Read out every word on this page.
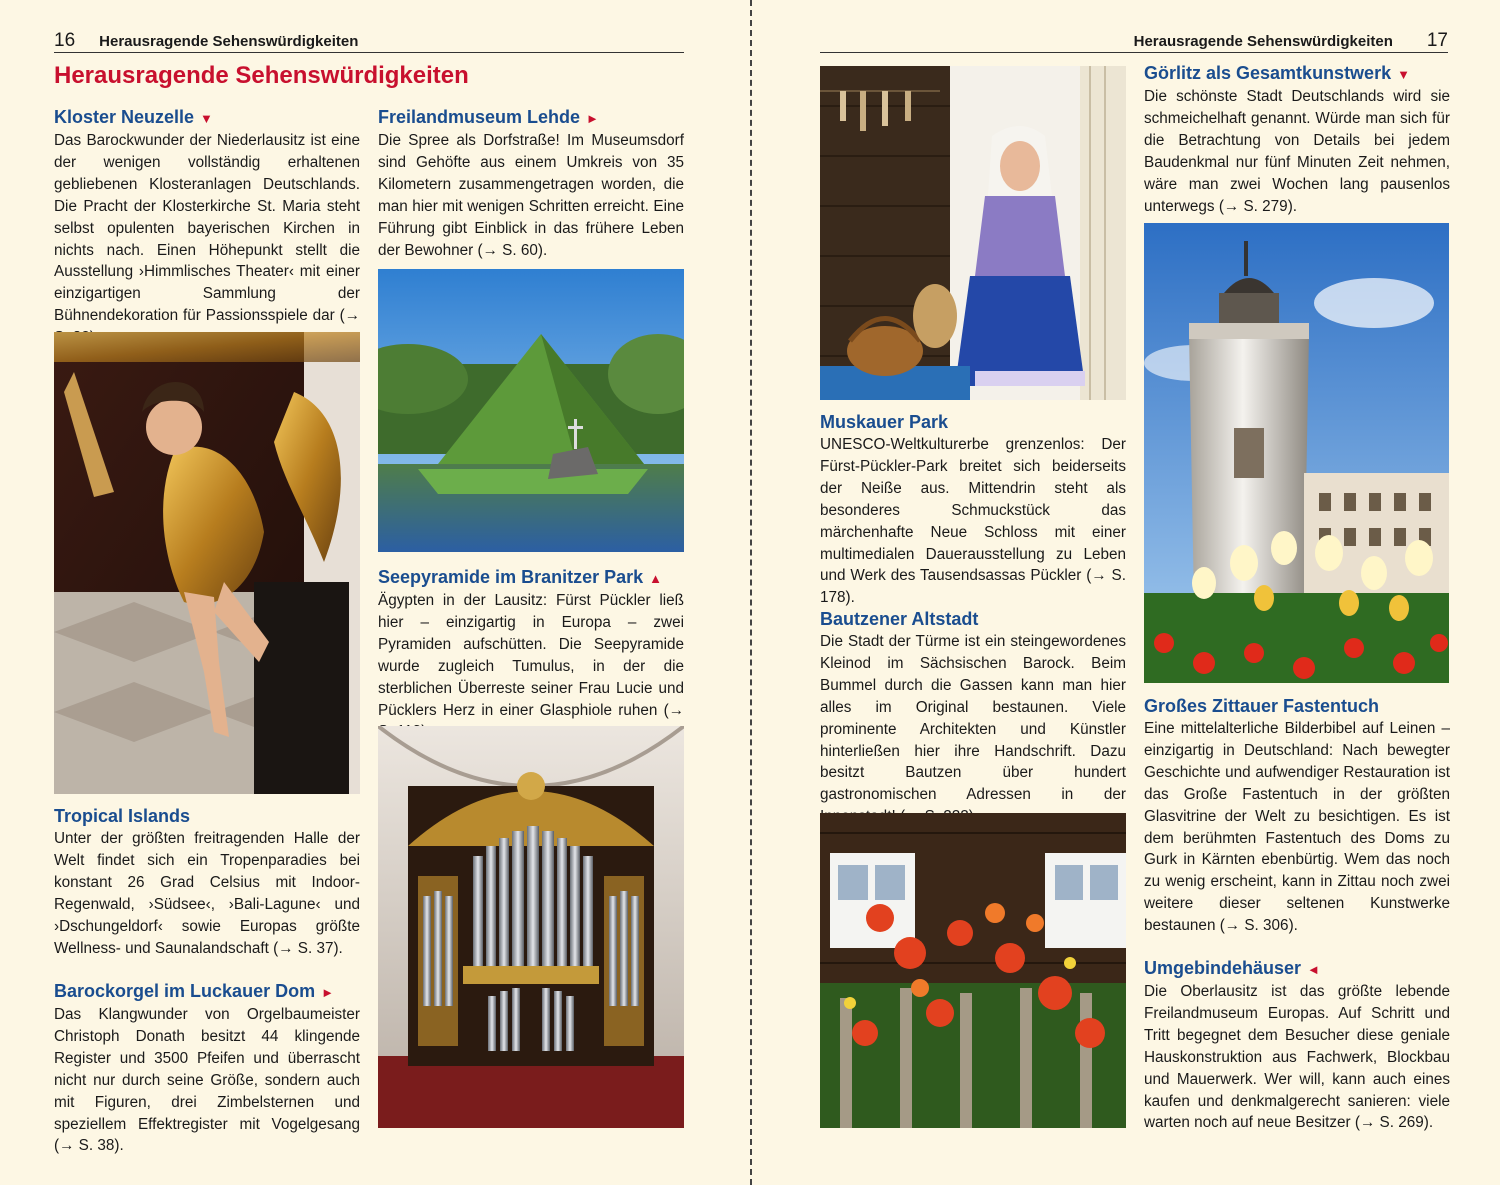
16 Herausragende Sehenswürdigkeiten
Herausragende Sehenswürdigkeiten
Kloster Neuzelle ▼

Das Barockwunder der Niederlausitz ist eine der wenigen vollständig erhaltenen gebliebenen Klosteranlagen Deutschlands. Die Pracht der Klosterkirche St. Maria steht selbst opulenten bayerischen Kirchen in nichts nach. Einen Höhepunkt stellt die Ausstellung ›Himmlisches Theater‹ mit einer einzigartigen Sammlung der Bühnendekoration für Passionsspiele dar (→

Freilandmuseum Lehde ►

Die Spree als Dorfstraße! Im Museumsdorf sind Gehöfte aus einem Umkreis von 35 Kilometern zusammengetragen worden, die man hier mit wenigen Schritten erreicht. Eine Führung gibt Einblick in das frühere Leben der Bewohner (→ S. 60).

Seepyramide im Branitzer Park ▲

Ägypten in der Lausitz: Fürst Pückler ließ hier – einzigartig in Europa – zwei Pyramiden aufschütten. Die Seepyramide wurde zugleich Tumulus, in der die sterblichen Überreste seiner Frau Lucie und Pücklers Herz in einer Glasphiole ruhen (→

Tropical Islands

Unter der größten freitragenden Halle der Welt findet sich ein Tropenparadies bei konstant 26 Grad Celsius mit Indoor-Regenwald, ›Südsee‹, ›Bali-Lagune‹ und ›Dschungeldorf‹ sowie Europas größte Wellness- und Saunalandschaft (→ S. 37).

Barockorgel im Luckauer Dom ►

Das Klangwunder von Orgelbaumeister Christoph Donath besitzt 44 klingende Register und 3500 Pfeifen und überrascht nicht nur durch seine Größe, sondern auch mit Figuren, drei Zimbelsternen und speziellem Effektregister mit Vogelgesang (→ S. 38).

Herausragende Sehenswürdigkeiten 17
Görlitz als Gesamtkunstwerk ▼

Die schönste Stadt Deutschlands wird sie schmeichelhaft genannt. Würde man sich für die Betrachtung von Details bei jedem Baudenkmal nur fünf Minuten Zeit nehmen, wäre man zwei Wochen lang pausenlos unterwegs (→ S. 279).

Muskauer Park

UNESCO-Weltkulturerbe grenzenlos: Der Fürst-Pückler-Park breitet sich beiderseits der Neiße aus. Mittendrin steht als besonderes Schmuckstück das märchenhafte Neue Schloss mit einer multimedialen Dauerausstellung zu Leben und Werk des Tausendsassas Pückler (→ S. 178).

Bautzener Altstadt

Die Stadt der Türme ist ein steingewordenes Kleinod im Sächsischen Barock. Beim Bummel durch die Gassen kann man hier alles im Original bestaunen. Viele prominente Architekten und Künstler hinterließen hier ihre Handschrift. Dazu besitzt Bautzen über hundert gastronomischen Adressen in der

Großes Zittauer Fastentuch

Eine mittelalterliche Bilderbibel auf Leinen – einzigartig in Deutschland: Nach bewegter Geschichte und aufwendiger Restauration ist das Große Fastentuch in der größten Glasvitrine der Welt zu besichtigen. Es ist dem berühmten Fastentuch des Doms zu Gurk in Kärnten ebenbürtig. Wem das noch zu wenig erscheint, kann in Zittau noch zwei weitere dieser seltenen Kunstwerke bestaunen (→ S. 306).

Umgebindehäuser ◄

Die Oberlausitz ist das größte lebende Freilandmuseum Europas. Auf Schritt und Tritt begegnet dem Besucher diese geniale Hauskonstruktion aus Fachwerk, Blockbau und Mauerwerk. Wer will, kann auch eines kaufen und denkmalgerecht sanieren: viele warten noch auf neue Besitzer (→ S. 269).
